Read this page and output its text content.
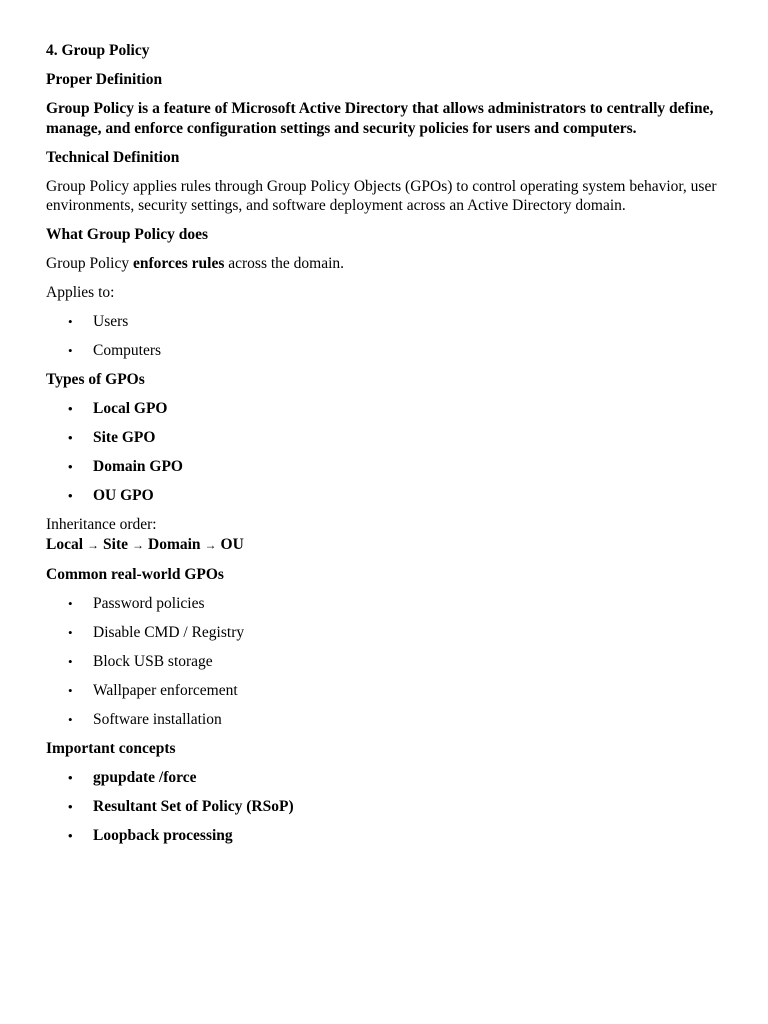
4. Group Policy

Proper Definition

Group Policy is a feature of Microsoft Active Directory that allows administrators to centrally define, manage, and enforce configuration settings and security policies for users and computers.

Technical Definition

Group Policy applies rules through Group Policy Objects (GPOs) to control operating system behavior, user environments, security settings, and software deployment across an Active Directory domain.

What Group Policy does

Group Policy enforces rules across the domain.

Applies to:

• Users
• Computers

Types of GPOs

• Local GPO
• Site GPO
• Domain GPO
• OU GPO
Inheritance order:
Local → Site → Domain → OU

Common real-world GPOs

• Password policies
• Disable CMD / Registry
• Block USB storage
• Wallpaper enforcement
• Software installation

Important concepts

• gpupdate /force
• Resultant Set of Policy (RSoP)
• Loopback processing
